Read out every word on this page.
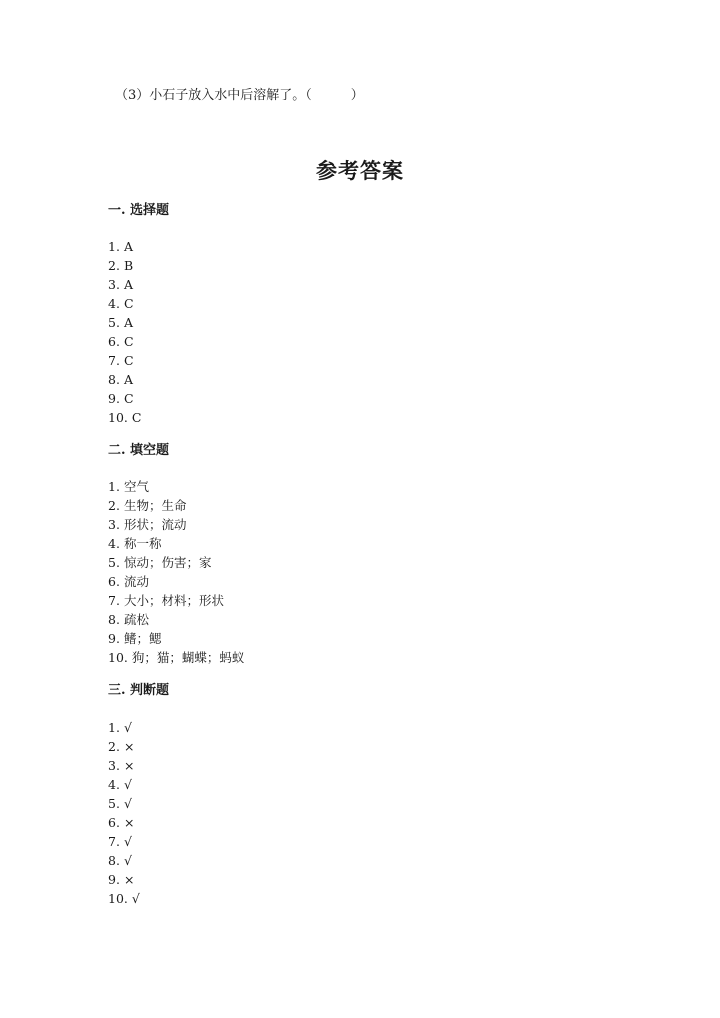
（3）小石子放入水中后溶解了。（　　　）
参考答案
一. 选择题
1. A
2. B
3. A
4. C
5. A
6. C
7. C
8. A
9. C
10. C
二. 填空题
1. 空气
2. 生物；生命
3. 形状；流动
4. 称一称
5. 惊动；伤害；家
6. 流动
7. 大小；材料；形状
8. 疏松
9. 鳍；鳃
10. 狗；猫；蝴蝶；蚂蚁
三. 判断题
1. √
2. ×
3. ×
4. √
5. √
6. ×
7. √
8. √
9. ×
10. √
